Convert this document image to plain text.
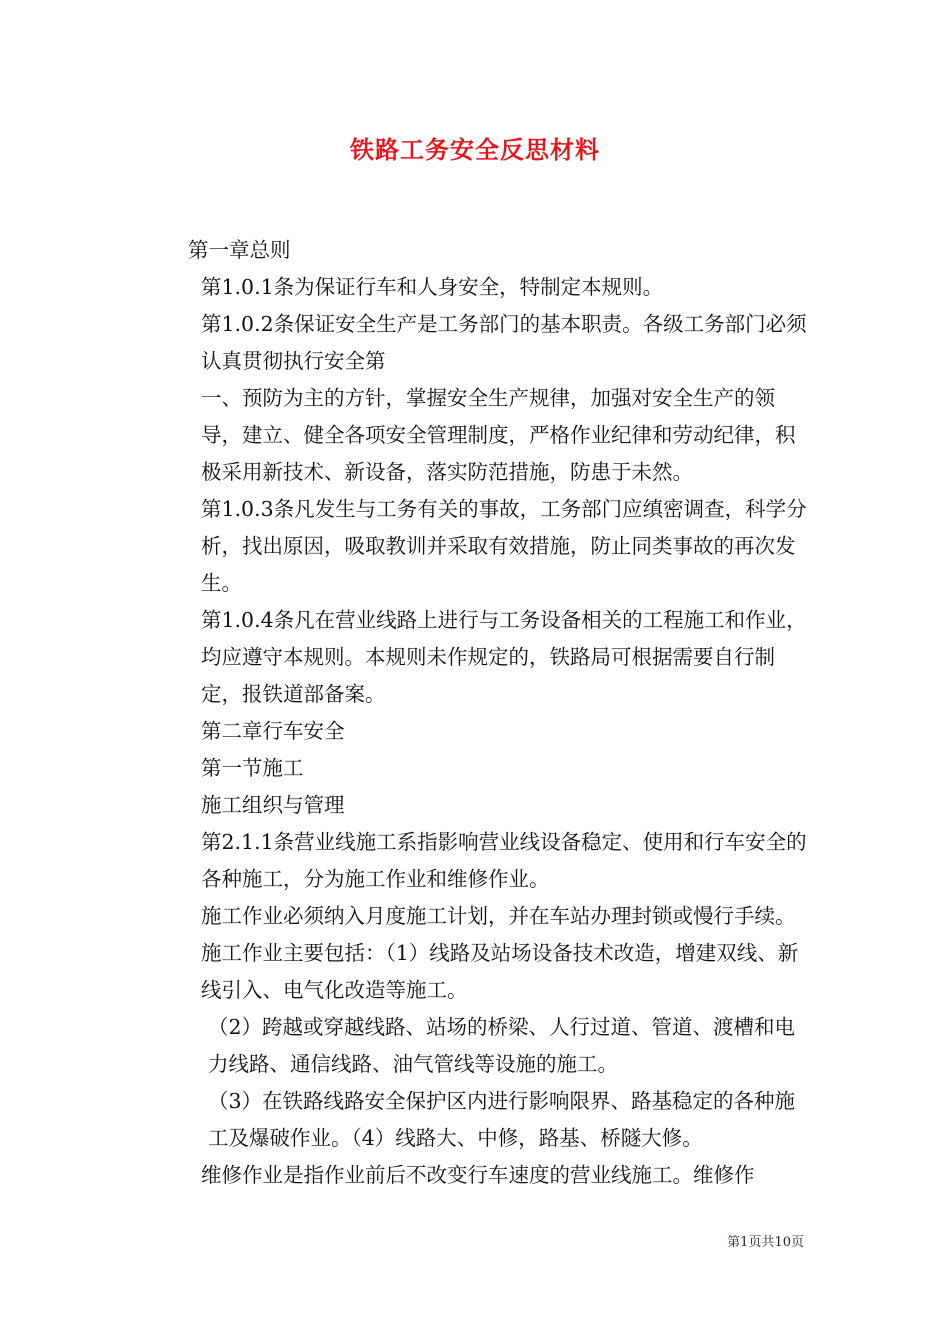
铁路工务安全反思材料

第一章总则

第1.0.1条为保证行车和人身安全，特制定本规则。

第1.0.2条保证安全生产是工务部门的基本职责。各级工务部门必须认真贯彻执行安全第

一、预防为主的方针，掌握安全生产规律，加强对安全生产的领导，建立、健全各项安全管理制度，严格作业纪律和劳动纪律，积极采用新技术、新设备，落实防范措施，防患于未然。

第1.0.3条凡发生与工务有关的事故，工务部门应缜密调查，科学分析，找出原因，吸取教训并采取有效措施，防止同类事故的再次发生。

第1.0.4条凡在营业线路上进行与工务设备相关的工程施工和作业，均应遵守本规则。本规则未作规定的，铁路局可根据需要自行制定，报铁道部备案。

第二章行车安全

第一节施工

施工组织与管理

第2.1.1条营业线施工系指影响营业线设备稳定、使用和行车安全的各种施工，分为施工作业和维修作业。

施工作业必须纳入月度施工计划，并在车站办理封锁或慢行手续。施工作业主要包括：（1）线路及站场设备技术改造，增建双线、新线引入、电气化改造等施工。

（2）跨越或穿越线路、站场的桥梁、人行过道、管道、渡槽和电力线路、通信线路、油气管线等设施的施工。

（3）在铁路线路安全保护区内进行影响限界、路基稳定的各种施工及爆破作业。（4）线路大、中修，路基、桥隧大修。

维修作业是指作业前后不改变行车速度的营业线施工。维修作

第1页共10页
